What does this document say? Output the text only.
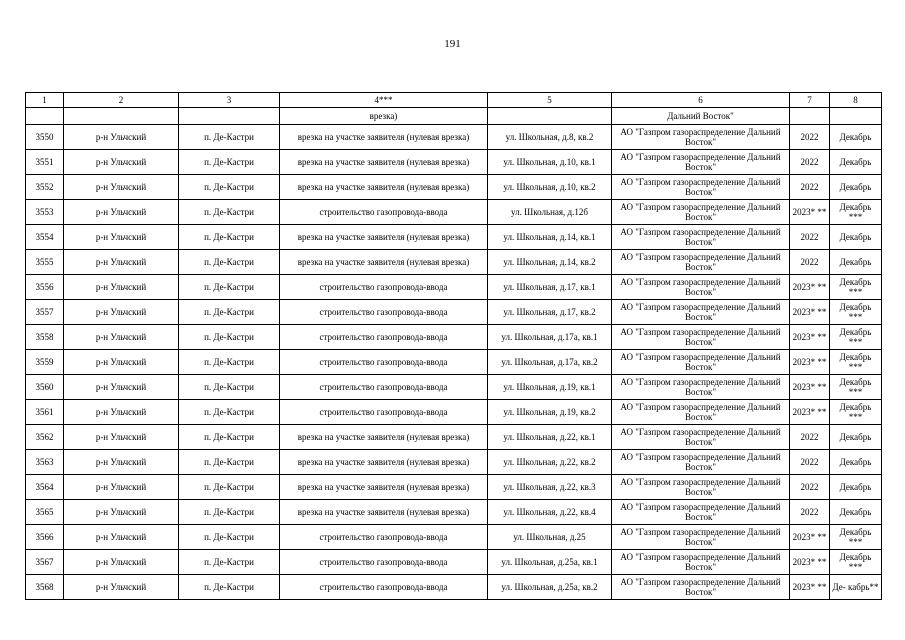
191
1	2	3	4***	5	6	7	8
			врезка)		Дальний Восток"		
3550	р-н Ульчский	п. Де-Кастри	врезка на участке заявителя (нулевая врезка)	ул. Школьная, д.8, кв.2	АО "Газпром газораспределение Дальний Восток"	2022	Декабрь
3551	р-н Ульчский	п. Де-Кастри	врезка на участке заявителя (нулевая врезка)	ул. Школьная, д.10, кв.1	АО "Газпром газораспределение Дальний Восток"	2022	Декабрь
3552	р-н Ульчский	п. Де-Кастри	врезка на участке заявителя (нулевая врезка)	ул. Школьная, д.10, кв.2	АО "Газпром газораспределение Дальний Восток"	2022	Декабрь
3553	р-н Ульчский	п. Де-Кастри	строительство газопровода-ввода	ул. Школьная, д.12б	АО "Газпром газораспределение Дальний Восток"	2023* **	Декабрь ***
3554	р-н Ульчский	п. Де-Кастри	врезка на участке заявителя (нулевая врезка)	ул. Школьная, д.14, кв.1	АО "Газпром газораспределение Дальний Восток"	2022	Декабрь
3555	р-н Ульчский	п. Де-Кастри	врезка на участке заявителя (нулевая врезка)	ул. Школьная, д.14, кв.2	АО "Газпром газораспределение Дальний Восток"	2022	Декабрь
3556	р-н Ульчский	п. Де-Кастри	строительство газопровода-ввода	ул. Школьная, д.17, кв.1	АО "Газпром газораспределение Дальний Восток"	2023* **	Декабрь ***
3557	р-н Ульчский	п. Де-Кастри	строительство газопровода-ввода	ул. Школьная, д.17, кв.2	АО "Газпром газораспределение Дальний Восток"	2023* **	Декабрь ***
3558	р-н Ульчский	п. Де-Кастри	строительство газопровода-ввода	ул. Школьная, д.17а, кв.1	АО "Газпром газораспределение Дальний Восток"	2023* **	Декабрь ***
3559	р-н Ульчский	п. Де-Кастри	строительство газопровода-ввода	ул. Школьная, д.17а, кв.2	АО "Газпром газораспределение Дальний Восток"	2023* **	Декабрь ***
3560	р-н Ульчский	п. Де-Кастри	строительство газопровода-ввода	ул. Школьная, д.19, кв.1	АО "Газпром газораспределение Дальний Восток"	2023* **	Декабрь ***
3561	р-н Ульчский	п. Де-Кастри	строительство газопровода-ввода	ул. Школьная, д.19, кв.2	АО "Газпром газораспределение Дальний Восток"	2023* **	Декабрь ***
3562	р-н Ульчский	п. Де-Кастри	врезка на участке заявителя (нулевая врезка)	ул. Школьная, д.22, кв.1	АО "Газпром газораспределение Дальний Восток"	2022	Декабрь
3563	р-н Ульчский	п. Де-Кастри	врезка на участке заявителя (нулевая врезка)	ул. Школьная, д.22, кв.2	АО "Газпром газораспределение Дальний Восток"	2022	Декабрь
3564	р-н Ульчский	п. Де-Кастри	врезка на участке заявителя (нулевая врезка)	ул. Школьная, д.22, кв.3	АО "Газпром газораспределение Дальний Восток"	2022	Декабрь
3565	р-н Ульчский	п. Де-Кастри	врезка на участке заявителя (нулевая врезка)	ул. Школьная, д.22, кв.4	АО "Газпром газораспределение Дальний Восток"	2022	Декабрь
3566	р-н Ульчский	п. Де-Кастри	строительство газопровода-ввода	ул. Школьная, д.25	АО "Газпром газораспределение Дальний Восток"	2023* **	Декабрь ***
3567	р-н Ульчский	п. Де-Кастри	строительство газопровода-ввода	ул. Школьная, д.25а, кв.1	АО "Газпром газораспределение Дальний Восток"	2023* **	Декабрь ***
3568	р-н Ульчский	п. Де-Кастри	строительство газопровода-ввода	ул. Школьная, д.25а, кв.2	АО "Газпром газораспределение Дальний Восток"	2023* **	Де- кабрь**
